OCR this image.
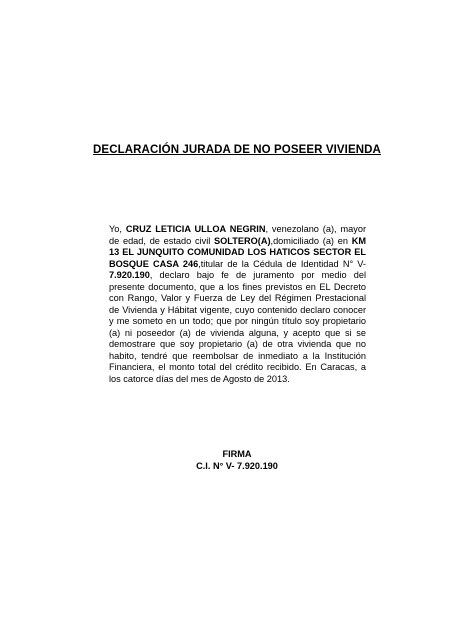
DECLARACIÓN JURADA DE NO POSEER VIVIENDA
Yo, CRUZ LETICIA ULLOA NEGRIN, venezolano (a), mayor de edad, de estado civil SOLTERO(A),domiciliado (a) en KM 13 EL JUNQUITO COMUNIDAD LOS HATICOS SECTOR EL BOSQUE CASA 246,titular de la Cédula de Identidad N° V- 7.920.190, declaro bajo fe de juramento por medio del presente documento, que a los fines previstos en EL Decreto con Rango, Valor y Fuerza de Ley del Régimen Prestacional de Vivienda y Hábitat vigente, cuyo contenido declaro conocer y me someto en un todo; que por ningún título soy propietario (a) ni poseedor (a) de vivienda alguna, y acepto que si se demostrare que soy propietario (a) de otra vivienda que no habito, tendré que reembolsar de inmediato a la Institución Financiera, el monto total del crédito recibido. En Caracas, a los catorce días del mes de Agosto de 2013.
FIRMA
C.I. N° V- 7.920.190
